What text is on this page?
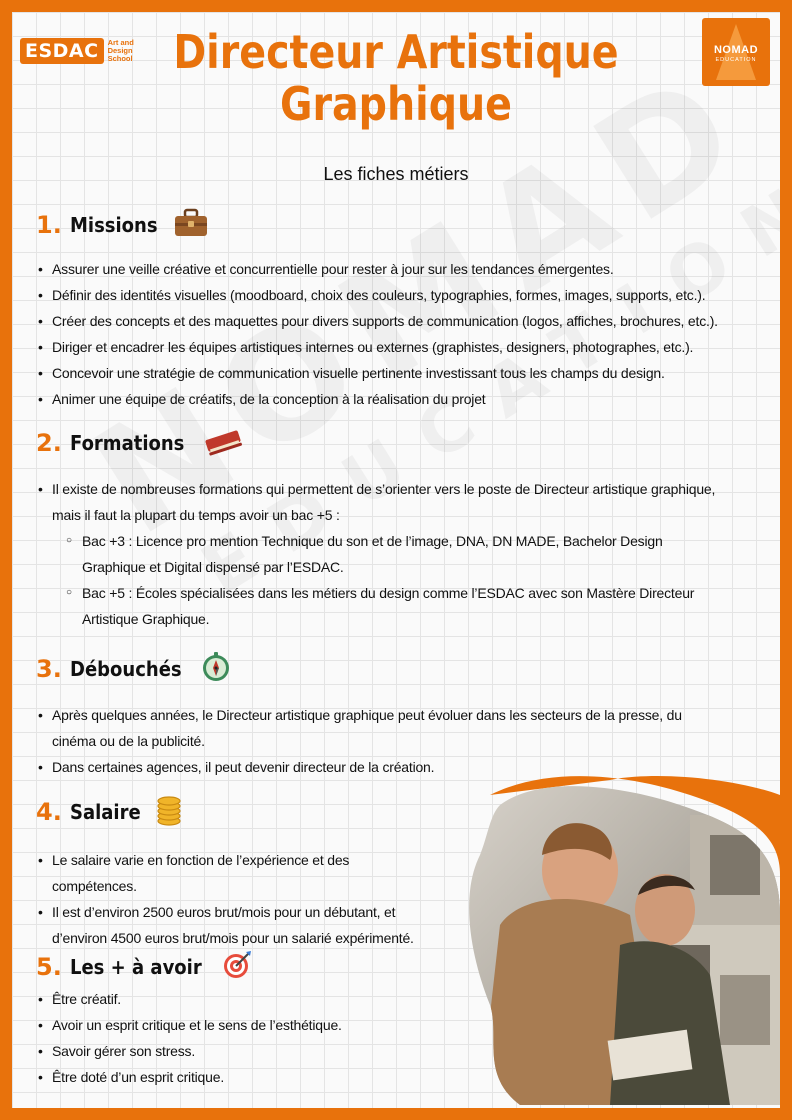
ESDAC	Art and Design School
NOMAD
EDUCATION
Directeur Artistique
Graphique
Les fiches métiers
1. Missions
• Assurer une veille créative et concurrentielle pour rester à jour sur les tendances émergentes.
• Définir des identités visuelles (moodboard, choix des couleurs, typographies, formes, images, supports, etc.).
• Créer des concepts et des maquettes pour divers supports de communication (logos, affiches, brochures, etc.).
• Diriger et encadrer les équipes artistiques internes ou externes (graphistes, designers, photographes, etc.).
• Concevoir une stratégie de communication visuelle pertinente investissant tous les champs du design.
• Animer une équipe de créatifs, de la conception à la réalisation du projet
2. Formations
• Il existe de nombreuses formations qui permettent de s’orienter vers le poste de Directeur artistique graphique, mais il faut la plupart du temps avoir un bac +5 :
○ Bac +3 : Licence pro mention Technique du son et de l’image, DNA, DN MADE, Bachelor Design Graphique et Digital dispensé par l’ESDAC.
○ Bac +5 : Écoles spécialisées dans les métiers du design comme l’ESDAC avec son Mastère Directeur Artistique Graphique.
3. Débouchés
• Après quelques années, le Directeur artistique graphique peut évoluer dans les secteurs de la presse, du cinéma ou de la publicité.
• Dans certaines agences, il peut devenir directeur de la création.
4. Salaire
• Le salaire varie en fonction de l’expérience et des compétences.
• Il est d’environ 2500 euros brut/mois pour un débutant, et d’environ 4500 euros brut/mois pour un salarié expérimenté.
5. Les + à avoir
• Être créatif.
• Avoir un esprit critique et le sens de l’esthétique.
• Savoir gérer son stress.
• Être doté d’un esprit critique.
